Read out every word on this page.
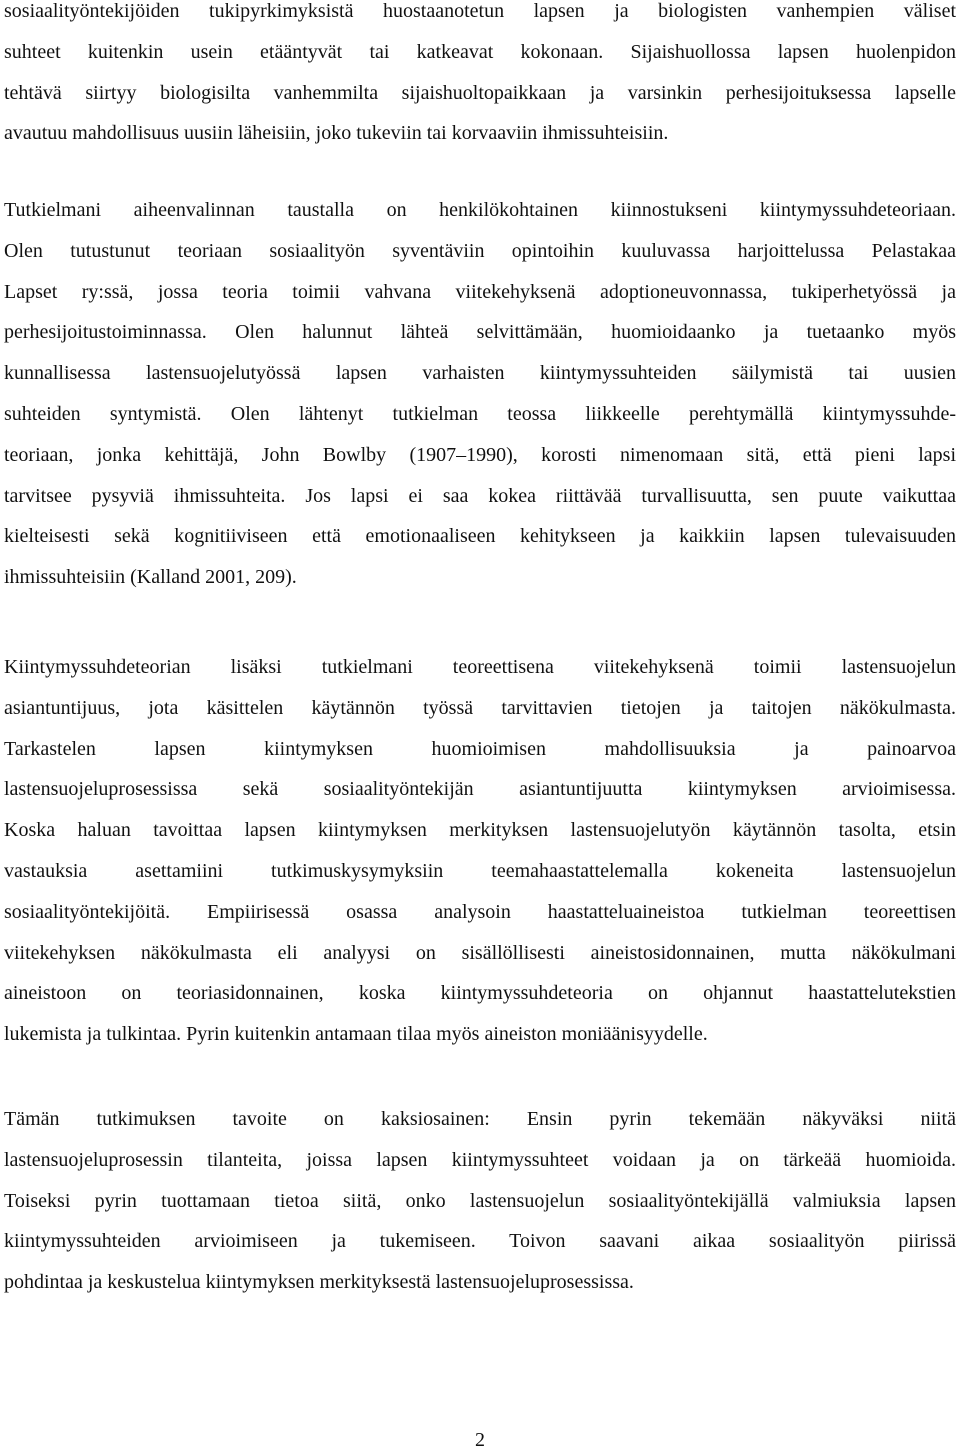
sosiaalityöntekijöiden tukipyrkimyksistä huostaanotetun lapsen ja biologisten vanhempien väliset
suhteet kuitenkin usein etääntyvät tai katkeavat kokonaan. Sijaishuollossa lapsen huolenpidon
tehtävä siirtyy biologisilta vanhemmilta sijaishuoltopaikkaan ja varsinkin perhesijoituksessa lapselle
avautuu mahdollisuus uusiin läheisiin, joko tukeviin tai korvaaviin ihmissuhteisiin.

Tutkielmani aiheenvalinnan taustalla on henkilökohtainen kiinnostukseni kiintymyssuhdeteoriaan.
Olen tutustunut teoriaan sosiaalityön syventäviin opintoihin kuuluvassa harjoittelussa Pelastakaa
Lapset ry:ssä, jossa teoria toimii vahvana viitekehyksenä adoptioneuvonnassa, tukiperhetyössä ja
perhesijoitustoiminnassa. Olen halunnut lähteä selvittämään, huomioidaanko ja tuetaanko myös
kunnallisessa lastensuojelutyössä lapsen varhaisten kiintymyssuhteiden säilymistä tai uusien
suhteiden syntymistä. Olen lähtenyt tutkielman teossa liikkeelle perehtymällä kiintymyssuhde-
teoriaan, jonka kehittäjä, John Bowlby (1907–1990), korosti nimenomaan sitä, että pieni lapsi
tarvitsee pysyviä ihmissuhteita. Jos lapsi ei saa kokea riittävää turvallisuutta, sen puute vaikuttaa
kielteisesti sekä kognitiiviseen että emotionaaliseen kehitykseen ja kaikkiin lapsen tulevaisuuden
ihmissuhteisiin (Kalland 2001, 209).

Kiintymyssuhdeteorian lisäksi tutkielmani teoreettisena viitekehyksenä toimii lastensuojelun
asiantuntijuus, jota käsittelen käytännön työssä tarvittavien tietojen ja taitojen näkökulmasta.
Tarkastelen lapsen kiintymyksen huomioimisen mahdollisuuksia ja painoarvoa
lastensuojeluprosessissa sekä sosiaalityöntekijän asiantuntijuutta kiintymyksen arvioimisessa.
Koska haluan tavoittaa lapsen kiintymyksen merkityksen lastensuojelutyön käytännön tasolta, etsin
vastauksia asettamiini tutkimuskysymyksiin teemahaastattelemalla kokeneita lastensuojelun
sosiaalityöntekijöitä. Empiirisessä osassa analysoin haastatteluaineistoa tutkielman teoreettisen
viitekehyksen näkökulmasta eli analyysi on sisällöllisesti aineistosidonnainen, mutta näkökulmani
aineistoon on teoriasidonnainen, koska kiintymyssuhdeteoria on ohjannut haastattelutekstien
lukemista ja tulkintaa. Pyrin kuitenkin antamaan tilaa myös aineiston moniäänisyydelle.

Tämän tutkimuksen tavoite on kaksiosainen: Ensin pyrin tekemään näkyväksi niitä
lastensuojeluprosessin tilanteita, joissa lapsen kiintymyssuhteet voidaan ja on tärkeää huomioida.
Toiseksi pyrin tuottamaan tietoa siitä, onko lastensuojelun sosiaalityöntekijällä valmiuksia lapsen
kiintymyssuhteiden arvioimiseen ja tukemiseen. Toivon saavani aikaa sosiaalityön piirissä
pohdintaa ja keskustelua kiintymyksen merkityksestä lastensuojeluprosessissa.

2
